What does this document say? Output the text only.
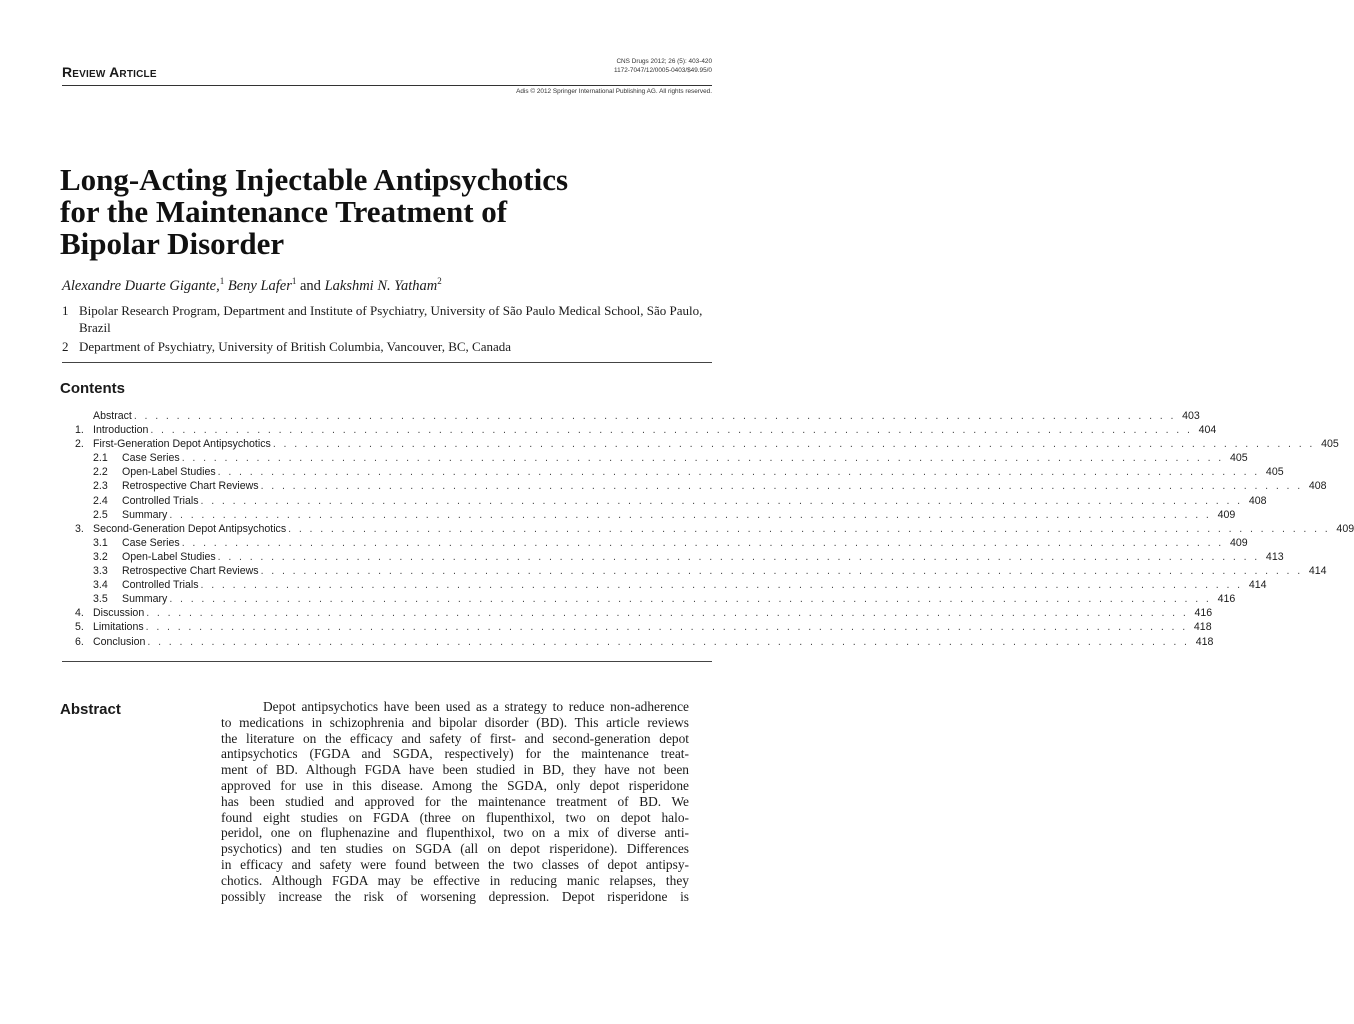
Review Article
CNS Drugs 2012; 26 (5): 403-420
1172-7047/12/0005-0403/$49.95/0
Adis © 2012 Springer International Publishing AG. All rights reserved.
Long-Acting Injectable Antipsychotics
for the Maintenance Treatment of
Bipolar Disorder
Alexandre Duarte Gigante,$^1$ Beny Lafer$^1$ and Lakshmi N. Yatham$^2$
1 Bipolar Research Program, Department and Institute of Psychiatry, University of São Paulo Medical School, São Paulo, Brazil
2 Department of Psychiatry, University of British Columbia, Vancouver, BC, Canada
Contents
Abstract . . . . . . . . . . . . . . . . . . . . . . . . . . . . . . . . . . . . . . . . . . . . . . . . . . . . . . . . . . . . . . . . . . . . . . . . . . . . . . . . . . . . . . . . . . . . . . . . . . 403
1. Introduction . . . . . . . . . . . . . . . . . . . . . . . . . . . . . . . . . . . . . . . . . . . . . . . . . . . . . . . . . . . . . . . . . . . . . . . . . . . . . . . . . . . . . . . . . . . . . . . . . . 404
2. First-Generation Depot Antipsychotics . . . . . . . . . . . . . . . . . . . . . . . . . . . . . . . . . . . . . . . . . . . . . . . . . . . . . . . . . . . . . . . . . . . . . . . . . . . . . . . . . . . . . . . . . . . . . . . . . . 405
2.1	Case Series . . . . . . . . . . . . . . . . . . . . . . . . . . . . . . . . . . . . . . . . . . . . . . . . . . . . . . . . . . . . . . . . . . . . . . . . . . . . . . . . . . . . . . . . . . . . . . . . . . 405
2.2	Open-Label Studies . . . . . . . . . . . . . . . . . . . . . . . . . . . . . . . . . . . . . . . . . . . . . . . . . . . . . . . . . . . . . . . . . . . . . . . . . . . . . . . . . . . . . . . . . . . . . . . . . . 405
2.3	Retrospective Chart Reviews . . . . . . . . . . . . . . . . . . . . . . . . . . . . . . . . . . . . . . . . . . . . . . . . . . . . . . . . . . . . . . . . . . . . . . . . . . . . . . . . . . . . . . . . . . . . . . . . . . 408
2.4	Controlled Trials . . . . . . . . . . . . . . . . . . . . . . . . . . . . . . . . . . . . . . . . . . . . . . . . . . . . . . . . . . . . . . . . . . . . . . . . . . . . . . . . . . . . . . . . . . . . . . . . . . 408
2.5	Summary . . . . . . . . . . . . . . . . . . . . . . . . . . . . . . . . . . . . . . . . . . . . . . . . . . . . . . . . . . . . . . . . . . . . . . . . . . . . . . . . . . . . . . . . . . . . . . . . . . 409
3. Second-Generation Depot Antipsychotics . . . . . . . . . . . . . . . . . . . . . . . . . . . . . . . . . . . . . . . . . . . . . . . . . . . . . . . . . . . . . . . . . . . . . . . . . . . . . . . . . . . . . . . . . . . . . . . . . . 409
3.1	Case Series . . . . . . . . . . . . . . . . . . . . . . . . . . . . . . . . . . . . . . . . . . . . . . . . . . . . . . . . . . . . . . . . . . . . . . . . . . . . . . . . . . . . . . . . . . . . . . . . . . 409
3.2	Open-Label Studies . . . . . . . . . . . . . . . . . . . . . . . . . . . . . . . . . . . . . . . . . . . . . . . . . . . . . . . . . . . . . . . . . . . . . . . . . . . . . . . . . . . . . . . . . . . . . . . . . . 413
3.3	Retrospective Chart Reviews . . . . . . . . . . . . . . . . . . . . . . . . . . . . . . . . . . . . . . . . . . . . . . . . . . . . . . . . . . . . . . . . . . . . . . . . . . . . . . . . . . . . . . . . . . . . . . . . . . 414
3.4	Controlled Trials . . . . . . . . . . . . . . . . . . . . . . . . . . . . . . . . . . . . . . . . . . . . . . . . . . . . . . . . . . . . . . . . . . . . . . . . . . . . . . . . . . . . . . . . . . . . . . . . . . 414
3.5	Summary . . . . . . . . . . . . . . . . . . . . . . . . . . . . . . . . . . . . . . . . . . . . . . . . . . . . . . . . . . . . . . . . . . . . . . . . . . . . . . . . . . . . . . . . . . . . . . . . . . 416
4. Discussion . . . . . . . . . . . . . . . . . . . . . . . . . . . . . . . . . . . . . . . . . . . . . . . . . . . . . . . . . . . . . . . . . . . . . . . . . . . . . . . . . . . . . . . . . . . . . . . . . . 416
5. Limitations . . . . . . . . . . . . . . . . . . . . . . . . . . . . . . . . . . . . . . . . . . . . . . . . . . . . . . . . . . . . . . . . . . . . . . . . . . . . . . . . . . . . . . . . . . . . . . . . . . 418
6. Conclusion . . . . . . . . . . . . . . . . . . . . . . . . . . . . . . . . . . . . . . . . . . . . . . . . . . . . . . . . . . . . . . . . . . . . . . . . . . . . . . . . . . . . . . . . . . . . . . . . . . 418
Abstract	Depot antipsychotics have been used as a strategy to reduce non-adherence
to medications in schizophrenia and bipolar disorder (BD). This article reviews
the literature on the efficacy and safety of first- and second-generation depot
antipsychotics (FGDA and SGDA, respectively) for the maintenance treat-
ment of BD. Although FGDA have been studied in BD, they have not been
approved for use in this disease. Among the SGDA, only depot risperidone
has been studied and approved for the maintenance treatment of BD. We
found eight studies on FGDA (three on flupenthixol, two on depot halo-
peridol, one on fluphenazine and flupenthixol, two on a mix of diverse anti-
psychotics) and ten studies on SGDA (all on depot risperidone). Differences
in efficacy and safety were found between the two classes of depot antipsy-
chotics. Although FGDA may be effective in reducing manic relapses, they
possibly increase the risk of worsening depression. Depot risperidone is
